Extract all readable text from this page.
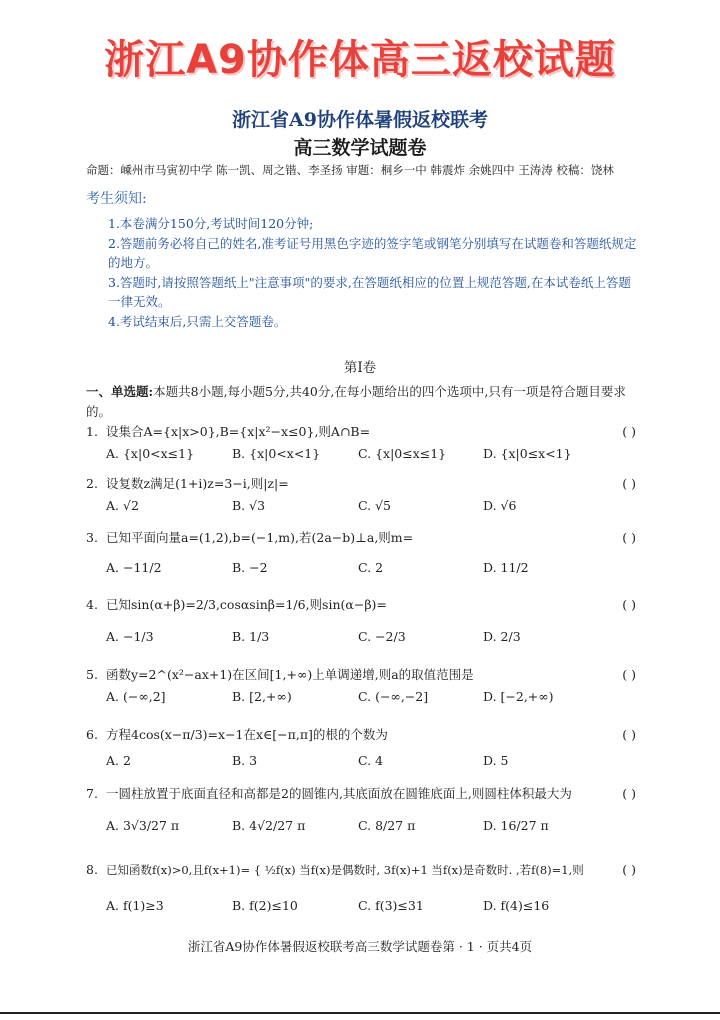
浙江A9协作体高三返校试题
浙江省A9协作体暑假返校联考
高三数学试题卷
命题：嵊州市马寅初中学 陈一凯、周之锴、李圣扬 审题：桐乡一中 韩震炸 余姚四中 王涛涛 校稿：饶林
考生须知:

1.本卷满分150分,考试时间120分钟;

2.答题前务必将自己的姓名,准考证号用黑色字迹的签字笔或钢笔分别填写在试题卷和答题纸规定的地方。

3.答题时,请按照答题纸上"注意事项"的要求,在答题纸相应的位置上规范答题,在本试卷纸上答题一律无效。

4.考试结束后,只需上交答题卷。

第Ⅰ卷
一、单选题:本题共8小题,每小题5分,共40分,在每小题给出的四个选项中,只有一项是符合题目要求的。
1. 设集合A={x|x>0},B={x|x²−x≤0},则A∩B=	( )
A. {x|0<x≤1}	B. {x|0<x<1}	C. {x|0≤x≤1}	D. {x|0≤x<1}
2. 设复数z满足(1+i)z=3−i,则|z|=	( )
A. √2	B. √3	C. √5	D. √6
3. 已知平面向量a=(1,2),b=(−1,m),若(2a−b)⊥a,则m=	( )
A. −11/2	B. −2	C. 2	D. 11/2
4. 已知sin(α+β)=2/3,cosαsinβ=1/6,则sin(α−β)=	( )
A. −1/3	B. 1/3	C. −2/3	D. 2/3
5. 函数y=2^(x²−ax+1)在区间[1,+∞)上单调递增,则a的取值范围是	( )
A. (−∞,2]	B. [2,+∞)	C. (−∞,−2]	D. [−2,+∞)
6. 方程4cos(x−π/3)=x−1在x∈[−π,π]的根的个数为	( )
A. 2	B. 3	C. 4	D. 5
7. 一圆柱放置于底面直径和高都是2的圆锥内,其底面放在圆锥底面上,则圆柱体积最大为	( )
A. 3√3/27 π	B. 4√2/27 π	C. 8/27 π	D. 16/27 π
8. 已知函数f(x)>0,且f(x+1)= { ½f(x) 当f(x)是偶数时, 3f(x)+1 当f(x)是奇数时. ,若f(8)=1,则	( )
A. f(1)≥3	B. f(2)≤10	C. f(3)≤31	D. f(4)≤16
浙江省A9协作体暑假返校联考高三数学试题卷第 · 1 · 页共4页
